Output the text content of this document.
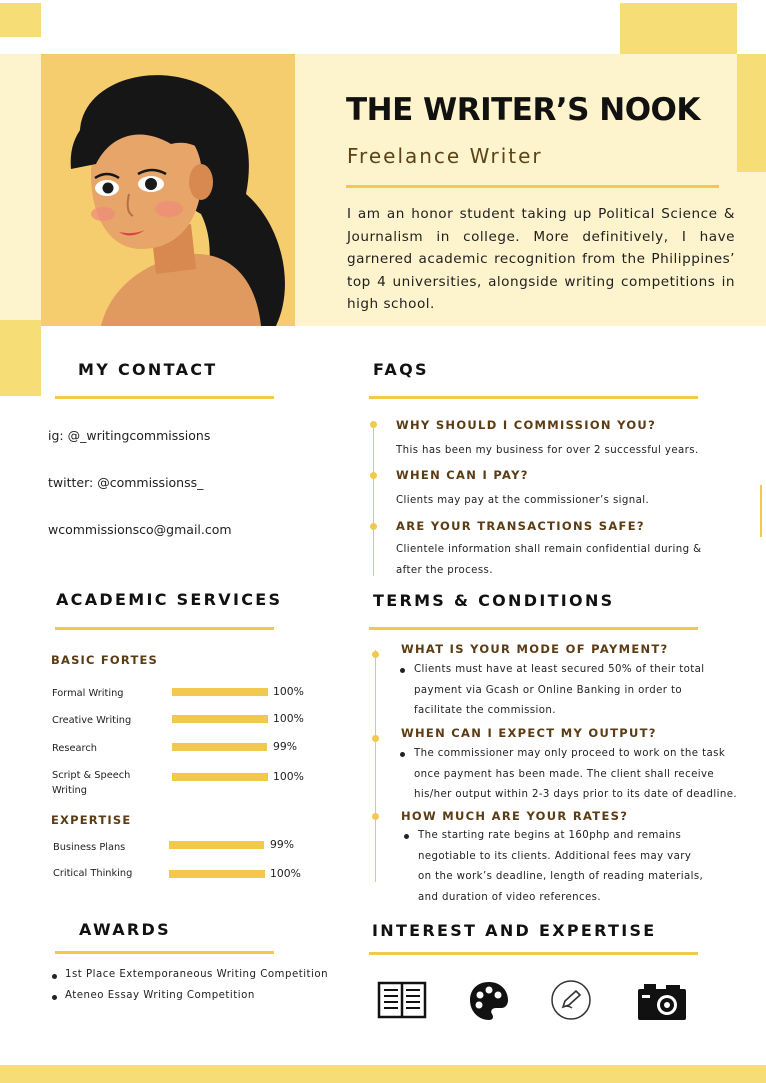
THE WRITER’S NOOK
Freelance Writer
I am an honor student taking up Political Science & Journalism in college. More definitively, I have garnered academic recognition from the Philippines’ top 4 universities, alongside writing competitions in high school.
MY CONTACT
ig: @_writingcommissions
twitter: @commissionss_
wcommissionsco@gmail.com
FAQS
WHY SHOULD I COMMISSION YOU?
This has been my business for over 2 successful years.
WHEN CAN I PAY?
Clients may pay at the commissioner’s signal.
ARE YOUR TRANSACTIONS SAFE?
Clientele information shall remain confidential during &
after the process.
ACADEMIC SERVICES
BASIC FORTES
Formal Writing	100%
Creative Writing	100%
Research	99%
Script & Speech Writing
100%
EXPERTISE
Business Plans	99%
Critical Thinking	100%
TERMS & CONDITIONS
WHAT IS YOUR MODE OF PAYMENT?
Clients must have at least secured 50% of their total
payment via Gcash or Online Banking in order to
facilitate the commission.
WHEN CAN I EXPECT MY OUTPUT?
The commissioner may only proceed to work on the task
once payment has been made. The client shall receive
his/her output within 2-3 days prior to its date of deadline.
HOW MUCH ARE YOUR RATES?
The starting rate begins at 160php and remains
negotiable to its clients. Additional fees may vary
on the work’s deadline, length of reading materials,
and duration of video references.
AWARDS
1st Place Extemporaneous Writing Competition
Ateneo Essay Writing Competition
INTEREST AND EXPERTISE
